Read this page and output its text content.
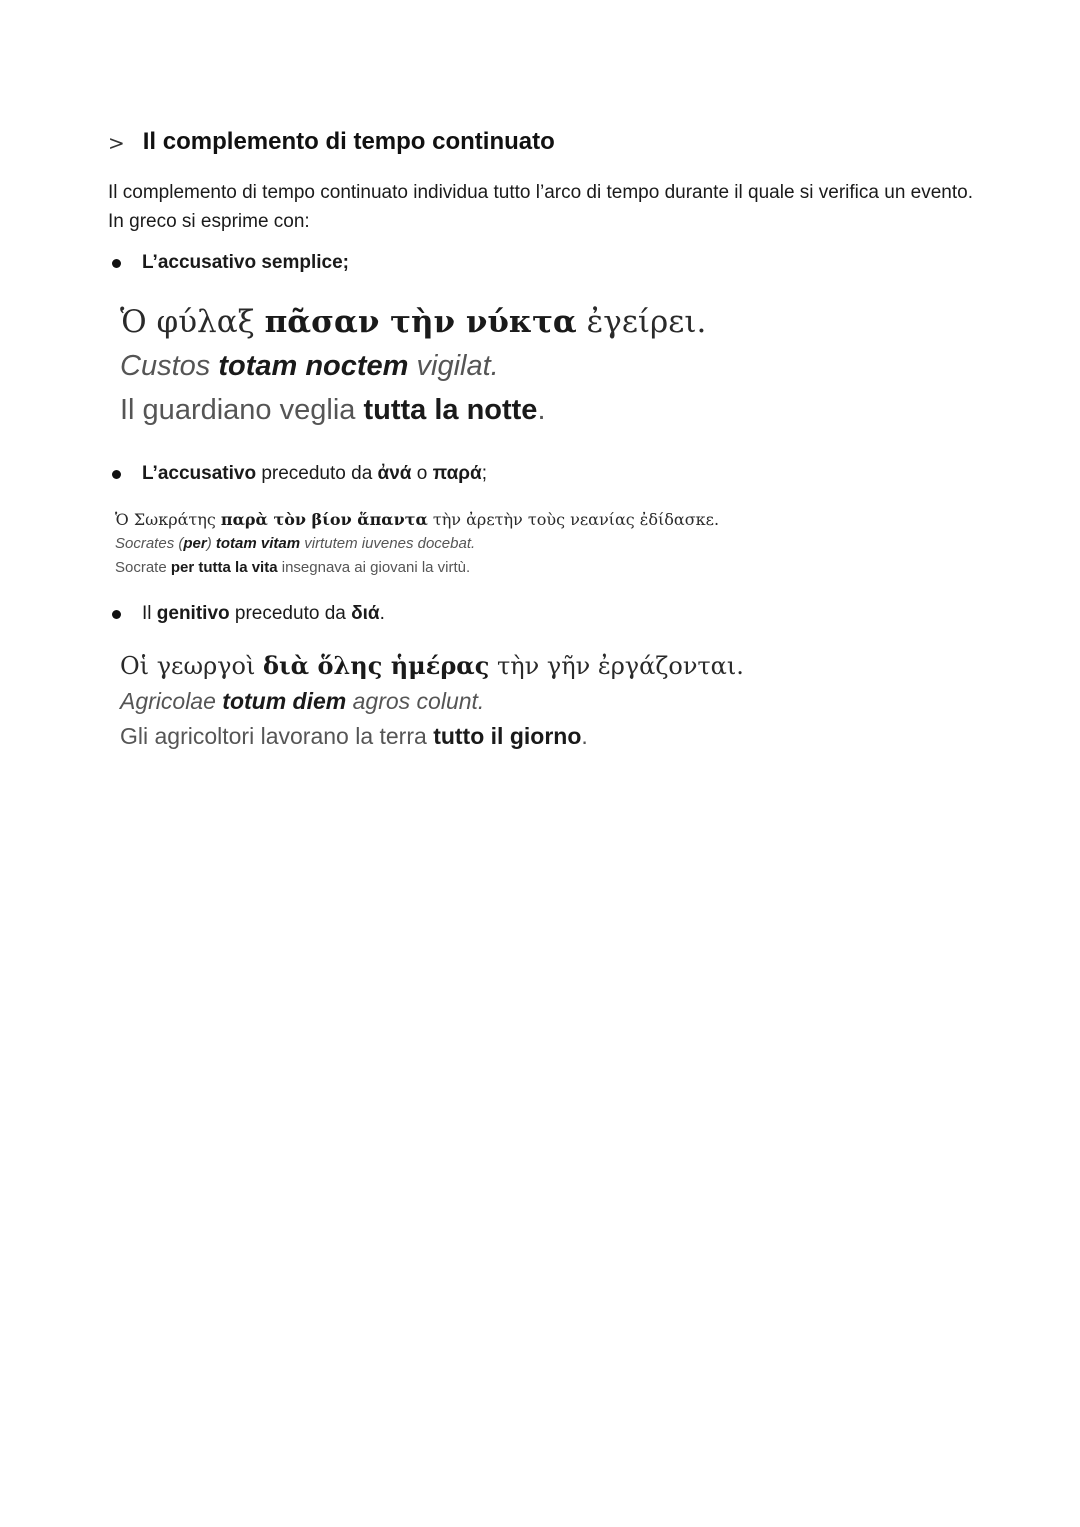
> Il complemento di tempo continuato
Il complemento di tempo continuato individua tutto l’arco di tempo durante il quale si verifica un evento. In greco si esprime con:
L’accusativo semplice;
Ὁ φύλαξ πᾶσαν τὴν νύκτα ἐγείρει.
Custos totam noctem vigilat.
Il guardiano veglia tutta la notte.
L’accusativo preceduto da ἀνά o παρά;
Ὁ Σωκράτης παρὰ τὸν βίον ἅπαντα τὴν ἀρετὴν τοὺς νεανίας ἐδίδασκε.
Socrates (per) totam vitam virtutem iuvenes docebat.
Socrate per tutta la vita insegnava ai giovani la virtù.
Il genitivo preceduto da διά.
Οἱ γεωργοὶ διὰ ὅλης ἡμέρας τὴν γῆν ἐργάζονται.
Agricolae totum diem agros colunt.
Gli agricoltori lavorano la terra tutto il giorno.
